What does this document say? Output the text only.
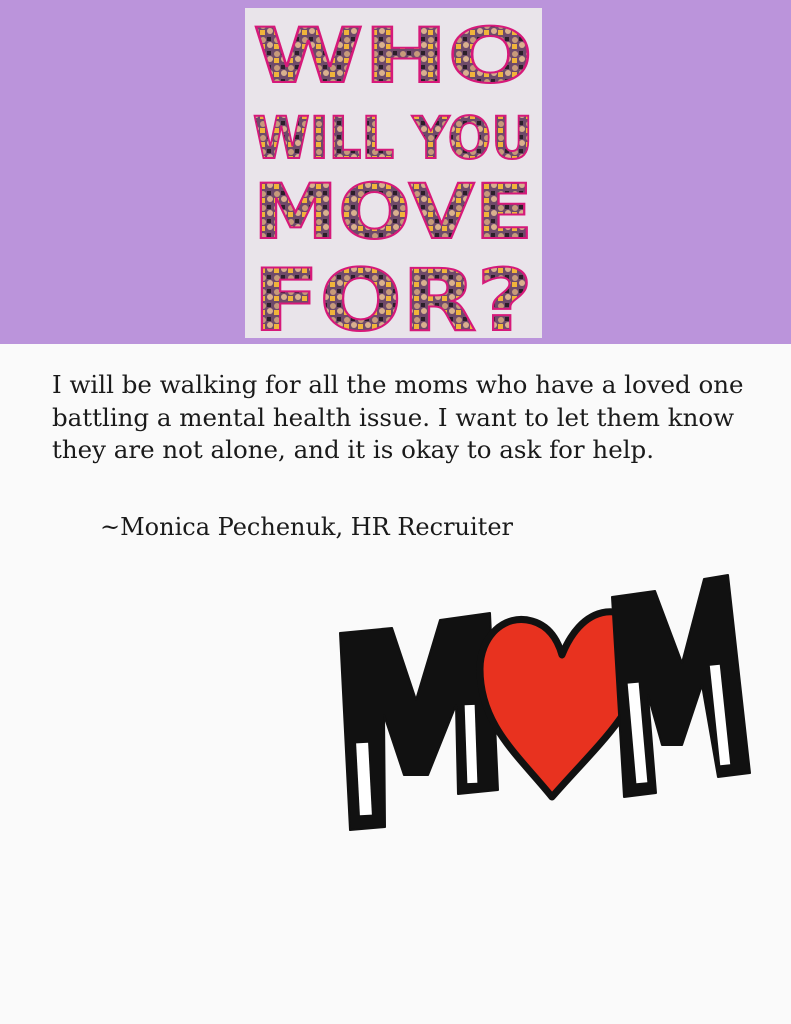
WHO
WILL YOU
MOVE
FOR?

I will be walking for all the moms who have a loved one battling a mental health issue. I want to let them know they are not alone, and it is okay to ask for help.

~Monica Pechenuk, HR Recruiter
